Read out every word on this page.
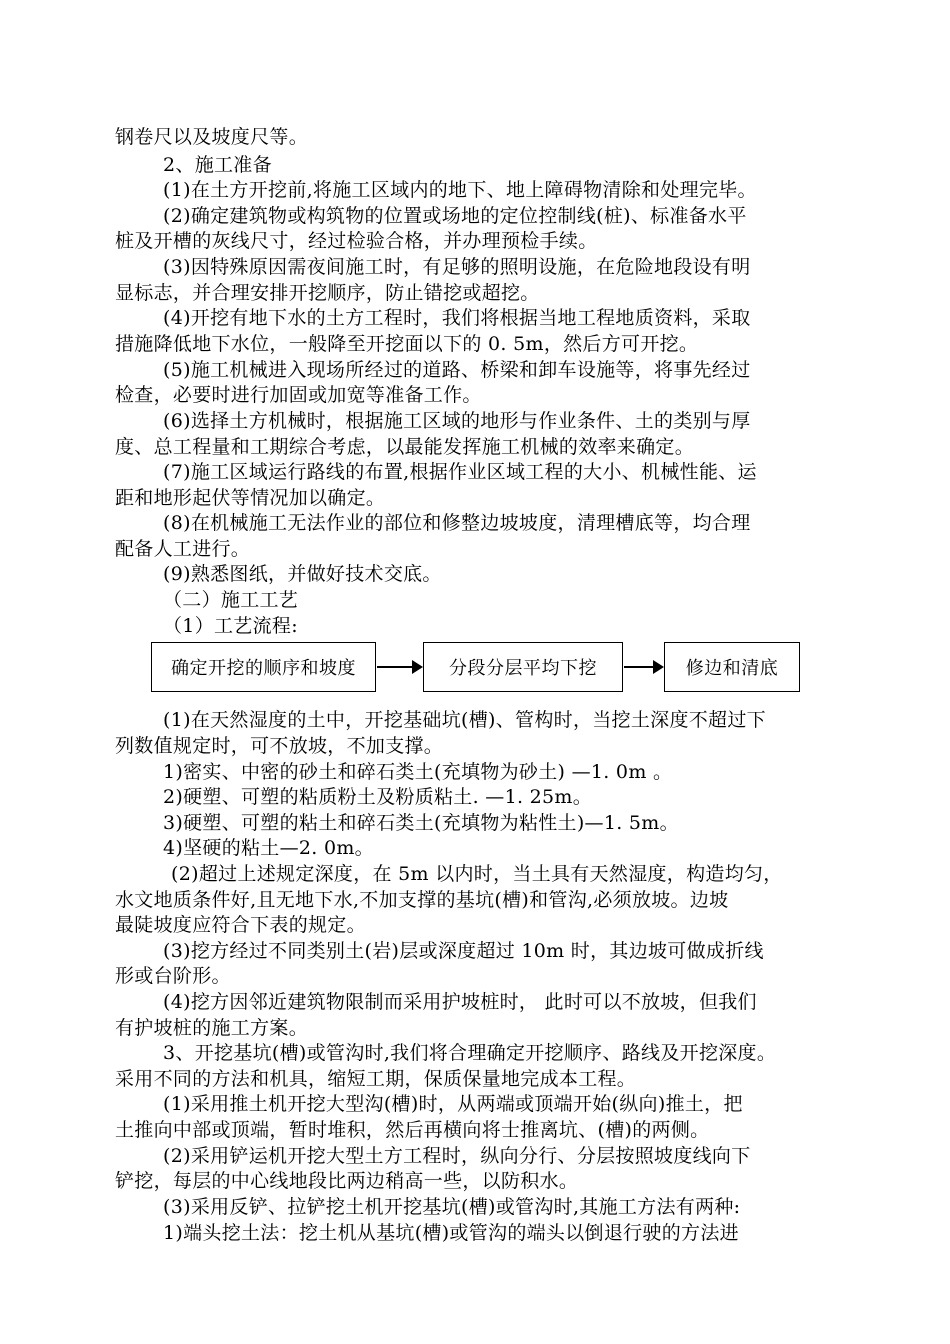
钢卷尺以及坡度尺等。
2、施工准备
(1)在土方开挖前,将施工区域内的地下、地上障碍物清除和处理完毕。
(2)确定建筑物或构筑物的位置或场地的定位控制线(桩)、标准备水平
桩及开槽的灰线尺寸，经过检验合格，并办理预检手续。
(3)因特殊原因需夜间施工时，有足够的照明设施，在危险地段设有明
显标志，并合理安排开挖顺序，防止错挖或超挖。
(4)开挖有地下水的土方工程时，我们将根据当地工程地质资料，采取
措施降低地下水位，一般降至开挖面以下的 0. 5m，然后方可开挖。
(5)施工机械进入现场所经过的道路、桥梁和卸车设施等，将事先经过
检查，必要时进行加固或加宽等准备工作。
(6)选择土方机械时，根据施工区域的地形与作业条件、土的类别与厚
度、总工程量和工期综合考虑，以最能发挥施工机械的效率来确定。
(7)施工区域运行路线的布置,根据作业区域工程的大小、机械性能、运
距和地形起伏等情况加以确定。
(8)在机械施工无法作业的部位和修整边坡坡度，清理槽底等，均合理
配备人工进行。
(9)熟悉图纸，并做好技术交底。
（二）施工工艺
（1）工艺流程:
(1)在天然湿度的土中，开挖基础坑(槽)、管构时，当挖土深度不超过下
列数值规定时，可不放坡，不加支撑。
1)密实、中密的砂土和碎石类土(充填物为砂土) —1. 0m 。
2)硬塑、可塑的粘质粉土及粉质粘土. —1. 25m。
3)硬塑、可塑的粘土和碎石类土(充填物为粘性土)—1. 5m。
4)坚硬的粘土—2. 0m。
(2)超过上述规定深度，在 5m 以内时，当土具有天然湿度，构造均匀，
水文地质条件好,且无地下水,不加支撑的基坑(槽)和管沟,必须放坡。边坡
最陡坡度应符合下表的规定。
(3)挖方经过不同类别土(岩)层或深度超过 10m 时，其边坡可做成折线
形或台阶形。
(4)挖方因邻近建筑物限制而采用护坡桩时， 此时可以不放坡，但我们
有护坡桩的施工方案。
3、开挖基坑(槽)或管沟时,我们将合理确定开挖顺序、路线及开挖深度。
采用不同的方法和机具，缩短工期，保质保量地完成本工程。
(1)采用推土机开挖大型沟(槽)时，从两端或顶端开始(纵向)推土，把
土推向中部或顶端，暂时堆积，然后再横向将士推离坑、(槽)的两侧。
(2)采用铲运机开挖大型土方工程时，纵向分行、分层按照坡度线向下
铲挖，每层的中心线地段比两边稍高一些，以防积水。
(3)采用反铲、拉铲挖土机开挖基坑(槽)或管沟时,其施工方法有两种:
1)端头挖土法：挖土机从基坑(槽)或管沟的端头以倒退行驶的方法进
确定开挖的顺序和坡度	分段分层平均下挖	修边和清底
